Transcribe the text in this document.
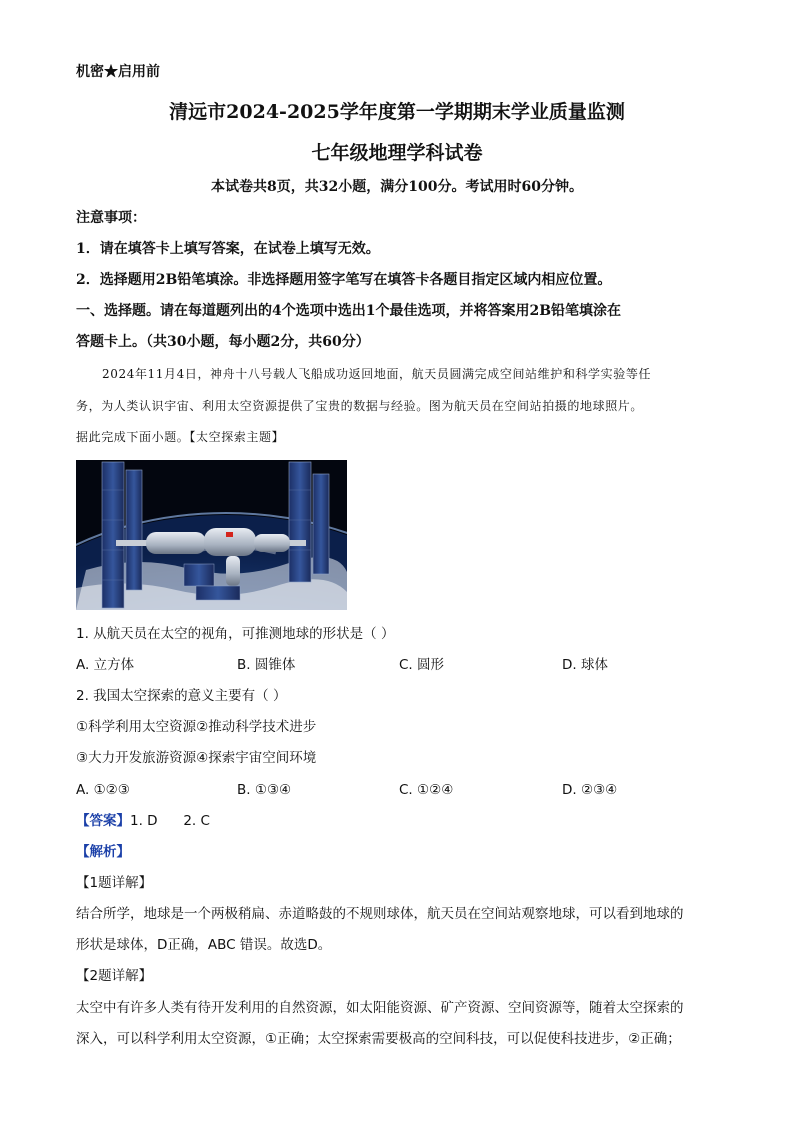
机密★启用前
清远市2024-2025学年度第一学期期末学业质量监测
七年级地理学科试卷
本试卷共8页，共32小题，满分100分。考试用时60分钟。
注意事项：
1．请在填答卡上填写答案，在试卷上填写无效。
2．选择题用2B铅笔填涂。非选择题用签字笔写在填答卡各题目指定区域内相应位置。
一、选择题。请在每道题列出的4个选项中选出1个最佳选项，并将答案用2B铅笔填涂在
答题卡上。（共30小题，每小题2分，共60分）
2024年11月4日，神舟十八号载人飞船成功返回地面，航天员圆满完成空间站维护和科学实验等任
务，为人类认识宇宙、利用太空资源提供了宝贵的数据与经验。图为航天员在空间站拍摄的地球照片。
据此完成下面小题。【太空探索主题】
1. 从航天员在太空的视角，可推测地球的形状是（ ）
A. 立方体	B. 圆锥体	C. 圆形	D. 球体
2. 我国太空探索的意义主要有（ ）
①科学利用太空资源②推动科学技术进步
③大力开发旅游资源④探索宇宙空间环境
A. ①②③	B. ①③④	C. ①②④	D. ②③④
【答案】1. D      2. C
【解析】
【1题详解】
结合所学，地球是一个两极稍扁、赤道略鼓的不规则球体，航天员在空间站观察地球，可以看到地球的
形状是球体，D正确，ABC 错误。故选D。
【2题详解】
太空中有许多人类有待开发利用的自然资源，如太阳能资源、矿产资源、空间资源等，随着太空探索的
深入，可以科学利用太空资源，①正确；太空探索需要极高的空间科技，可以促使科技进步，②正确；
